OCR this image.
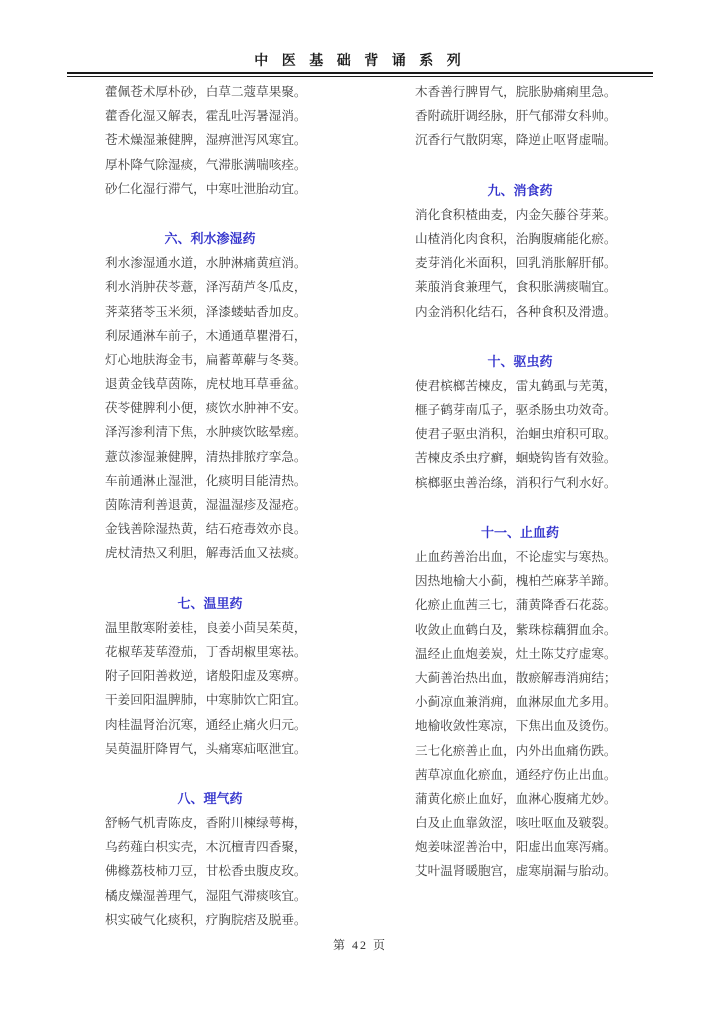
中 医 基 础 背 诵 系 列

藿佩苍术厚朴砂，白草二蔻草果聚。

藿香化湿又解表，霍乱吐泻暑湿消。

苍术燥湿兼健脾，湿痹泄泻风寒宜。

厚朴降气除湿痰，气滞胀满喘咳痊。

砂仁化湿行滞气，中寒吐泄胎动宜。

六、利水渗湿药

利水渗湿通水道，水肿淋痛黄疸消。

利水消肿茯苓薏，泽泻葫芦冬瓜皮，

荠菜猪苓玉米须，泽漆蝼蛄香加皮。

利尿通淋车前子，木通通草瞿滑石，

灯心地肤海金韦，扁蓄萆薢与冬葵。

退黄金钱草茵陈，虎杖地耳草垂盆。

茯苓健脾利小便，痰饮水肿神不安。

泽泻渗利清下焦，水肿痰饮眩晕瘥。

薏苡渗湿兼健脾，清热排脓疗挛急。

车前通淋止湿泄，化痰明目能清热。

茵陈清利善退黄，湿温湿疹及湿疮。

金钱善除湿热黄，结石疮毒效亦良。

虎杖清热又利胆，解毒活血又祛痰。

七、温里药

温里散寒附姜桂，良姜小茴吴茱萸，

花椒荜茇荜澄茄，丁香胡椒里寒祛。

附子回阳善救逆，诸般阳虚及寒痹。

干姜回阳温脾肺，中寒肺饮亡阳宜。

肉桂温肾治沉寒，通经止痛火归元。

吴萸温肝降胃气，头痛寒疝呕泄宜。

八、理气药

舒畅气机青陈皮，香附川楝绿萼梅，

乌药薤白枳实壳，木沉檀青四香聚，

佛橼荔枝柿刀豆，甘松香虫腹皮玫。

橘皮燥湿善理气，湿阻气滞痰咳宜。

枳实破气化痰积，疗胸脘痞及脱垂。

木香善行脾胃气，脘胀胁痛痢里急。

香附疏肝调经脉，肝气郁滞女科帅。

沉香行气散阴寒，降逆止呕肾虚喘。

九、消食药

消化食积楂曲麦，内金矢藤谷芽莱。

山楂消化肉食积，治胸腹痛能化瘀。

麦芽消化米面积，回乳消胀解肝郁。

莱菔消食兼理气，食积胀满痰喘宜。

内金消积化结石，各种食积及滑遗。

十、驱虫药

使君槟榔苦楝皮，雷丸鹤虱与芜荑，

榧子鹤芽南瓜子，驱杀肠虫功效奇。

使君子驱虫消积，治蛔虫疳积可取。

苦楝皮杀虫疗癣，蛔蛲钩皆有效验。

槟榔驱虫善治绦，消积行气利水好。

十一、止血药

止血药善治出血，不论虚实与寒热。

因热地榆大小蓟，槐柏苎麻茅羊蹄。

化瘀止血茜三七，蒲黄降香石花蕊。

收敛止血鹤白及，紫珠棕藕猬血余。

温经止血炮姜炭，灶土陈艾疗虚寒。

大蓟善治热出血，散瘀解毒消痈结；

小蓟凉血兼消痈，血淋尿血尤多用。

地榆收敛性寒凉，下焦出血及烫伤。

三七化瘀善止血，内外出血痛伤跌。

茜草凉血化瘀血，通经疗伤止出血。

蒲黄化瘀止血好，血淋心腹痛尤妙。

白及止血靠敛涩，咳吐呕血及皲裂。

炮姜味涩善治中，阳虚出血寒泻痛。

艾叶温肾暖胞宫，虚寒崩漏与胎动。

第 42 页
